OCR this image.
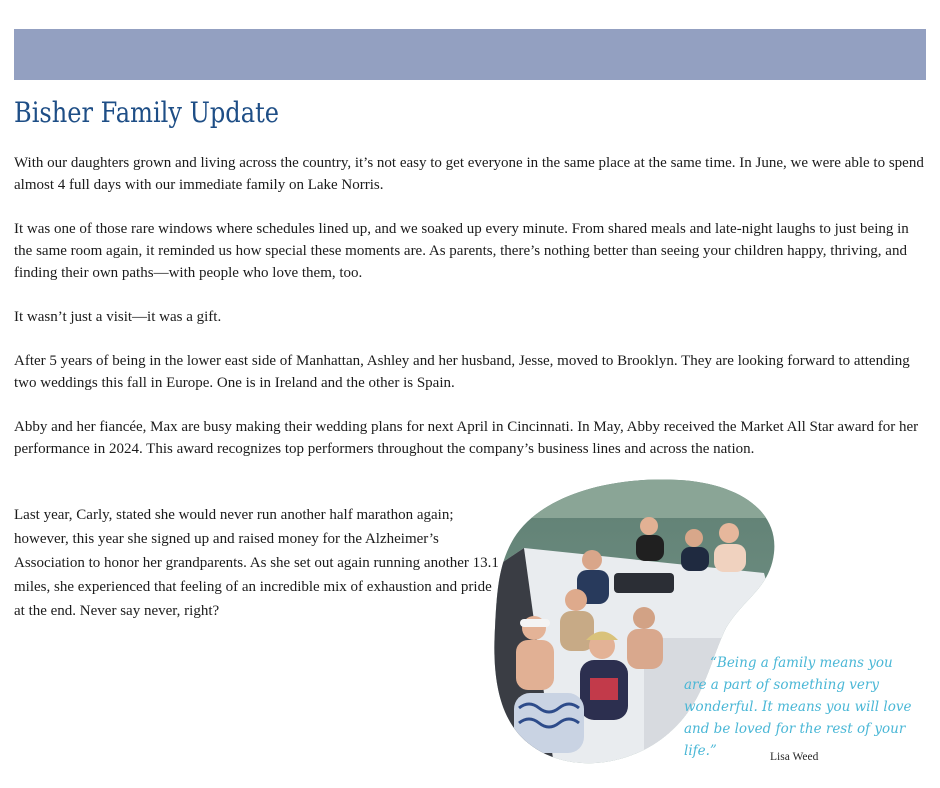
Bisher Family Update

With our daughters grown and living across the country, it’s not easy to get everyone in the same place at the same time. In June, we were able to spend almost 4 full days with our immediate family on Lake Norris.

It was one of those rare windows where schedules lined up, and we soaked up every minute. From shared meals and late-night laughs to just being in the same room again, it reminded us how special these moments are. As parents, there’s nothing better than seeing your children happy, thriving, and finding their own paths—with people who love them, too.

It wasn’t just a visit—it was a gift.

After 5 years of being in the lower east side of Manhattan, Ashley and her husband, Jesse, moved to Brooklyn. They are looking forward to attending two weddings this fall in Europe. One is in Ireland and the other is Spain.

Abby and her fiancée, Max are busy making their wedding plans for next April in Cincinnati. In May, Abby received the Market All Star award for her performance in 2024. This award recognizes top performers throughout the company’s business lines and across the nation.

Last year, Carly, stated she would never run another half marathon again; however, this year she signed up and raised money for the Alzheimer’s Association to honor her grandparents. As she set out again running another 13.1 miles, she experienced that feeling of an incredible mix of exhaustion and pride at the end. Never say never, right?

“Being a family means you are a part of something very wonderful. It means you will love and be loved for the rest of your life.”	Lisa Weed
